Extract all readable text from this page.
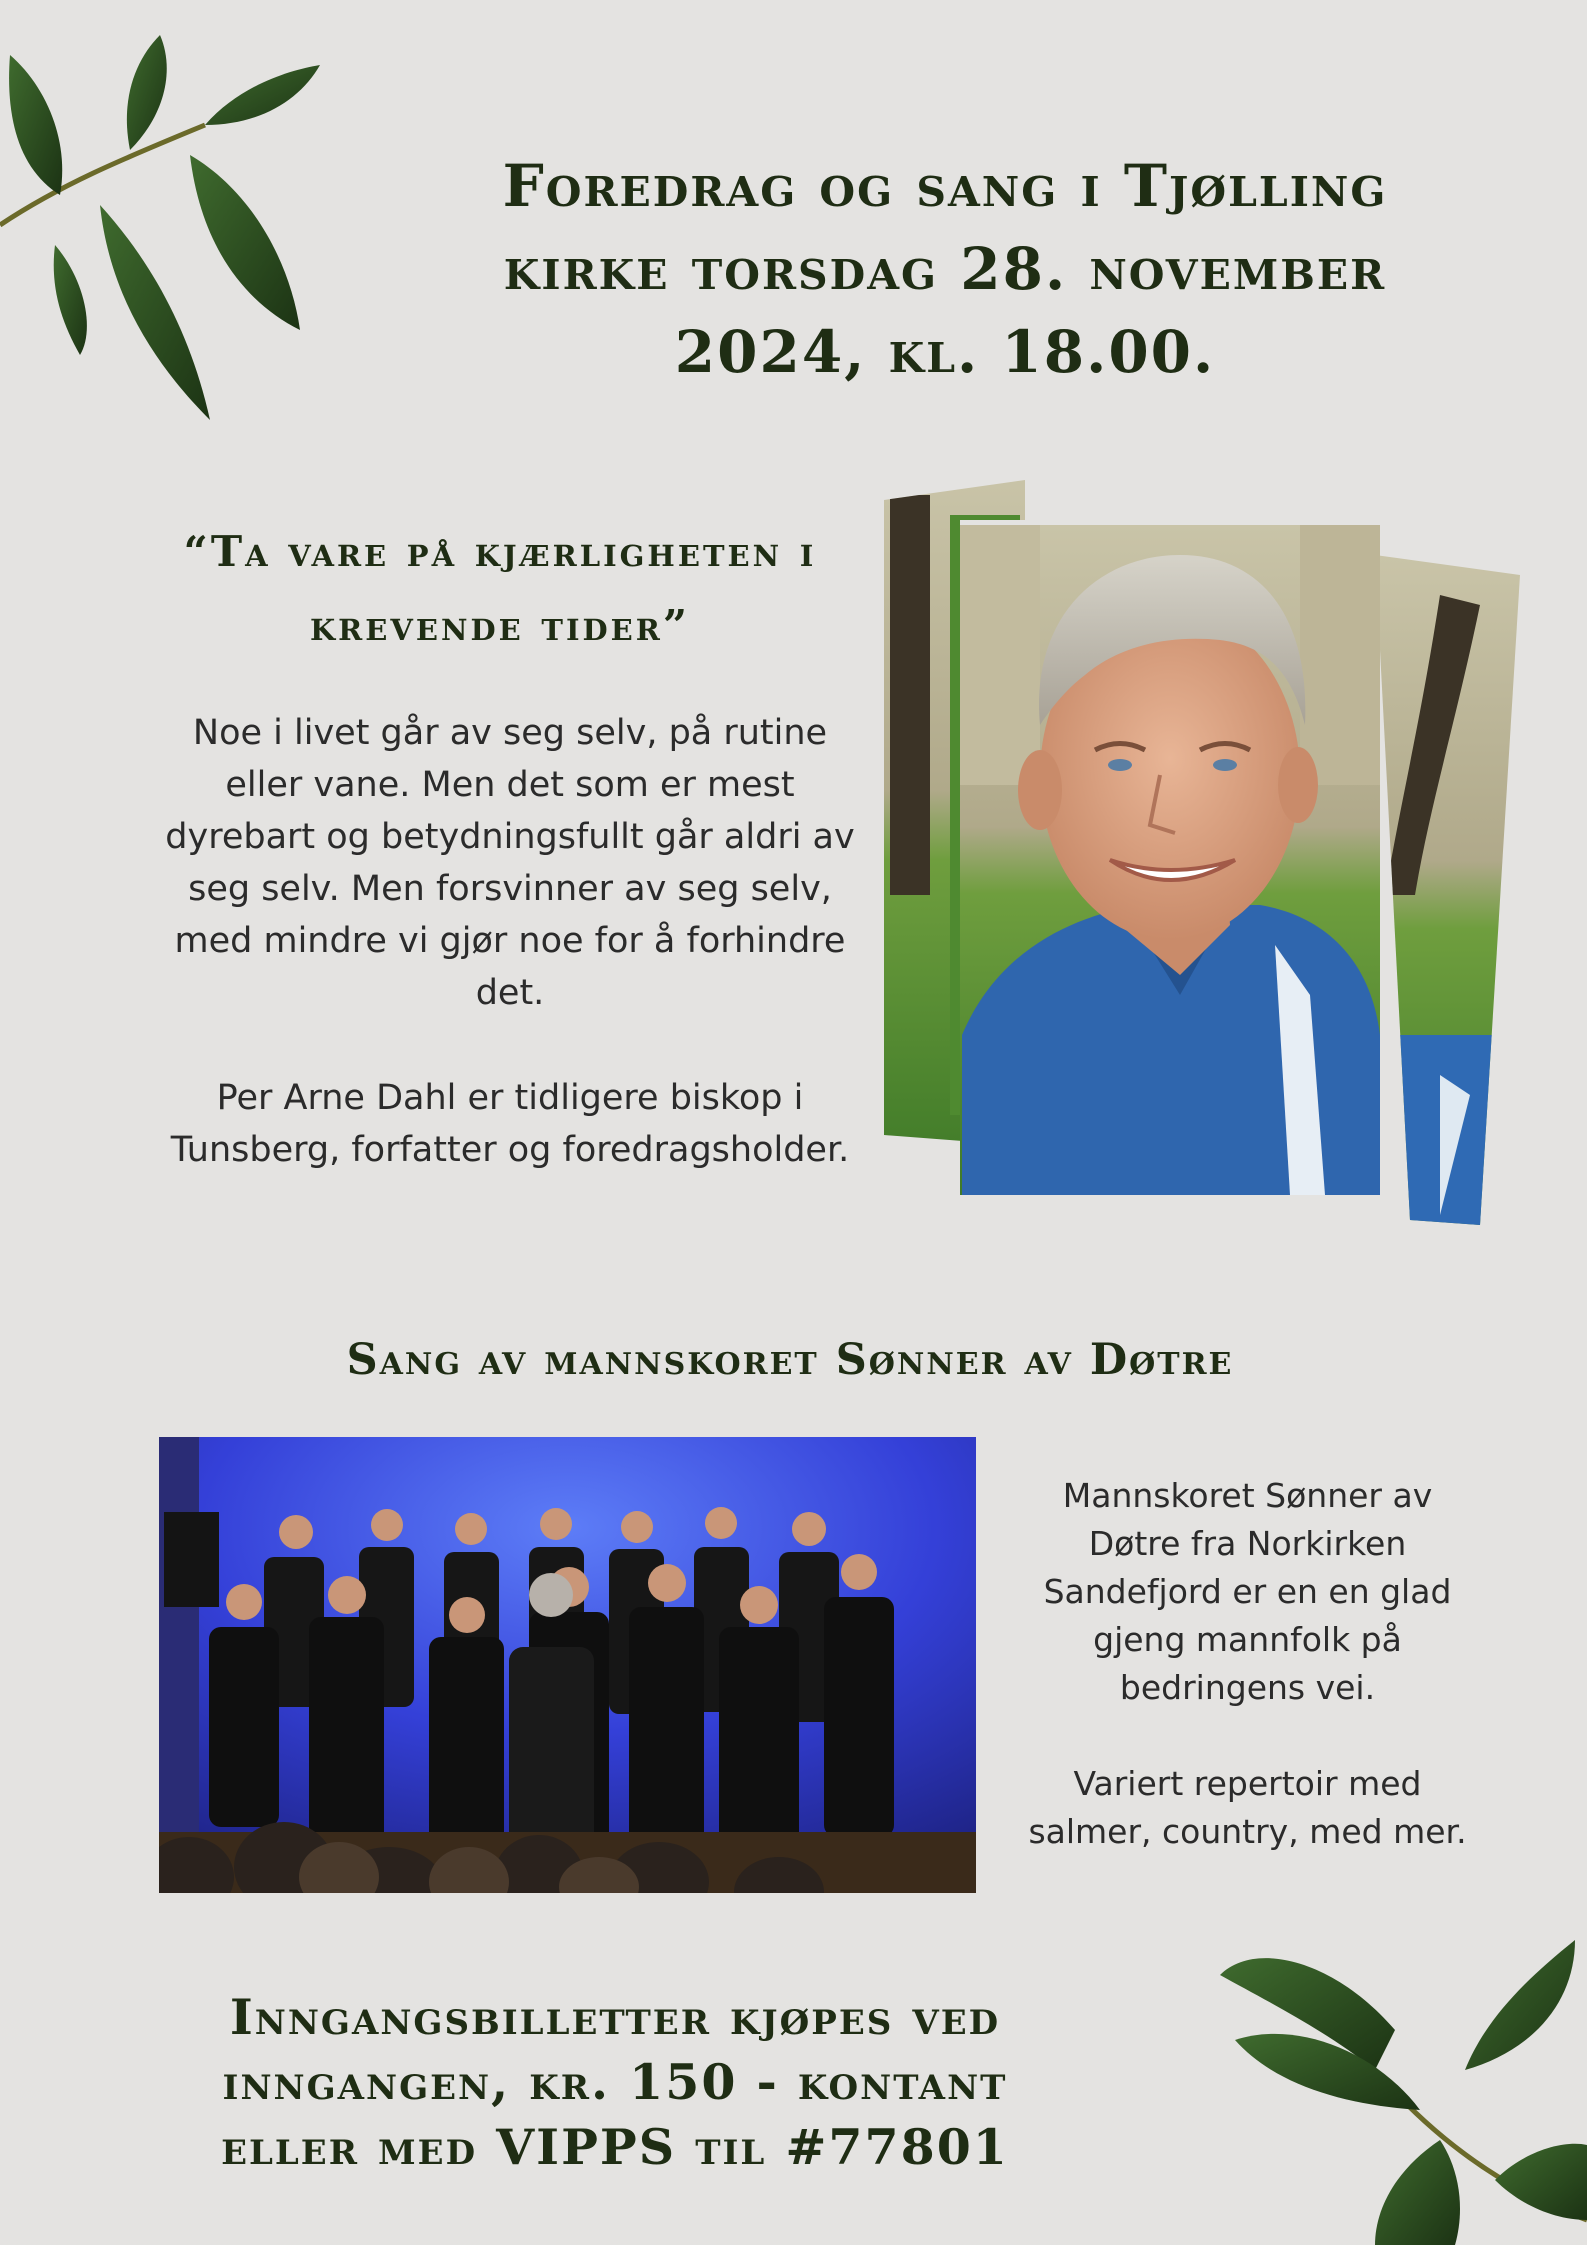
Foredrag og sang i Tjølling kirke torsdag 28. november 2024, kl. 18.00.
“Ta vare på kjærligheten i krevende tider”

Noe i livet går av seg selv, på rutine eller vane. Men det som er mest dyrebart og betydningsfullt går aldri av seg selv. Men forsvinner av seg selv, med mindre vi gjør noe for å forhindre det.

Per Arne Dahl er tidligere biskop i Tunsberg, forfatter og foredragsholder.

Sang av mannskoret Sønner av Døtre

Mannskoret Sønner av Døtre fra Norkirken Sandefjord er en en glad gjeng mannfolk på bedringens vei.

Variert repertoir med salmer, country, med mer.

Inngangsbilletter kjøpes ved inngangen, kr. 150 - kontant eller med VIPPS til #77801
